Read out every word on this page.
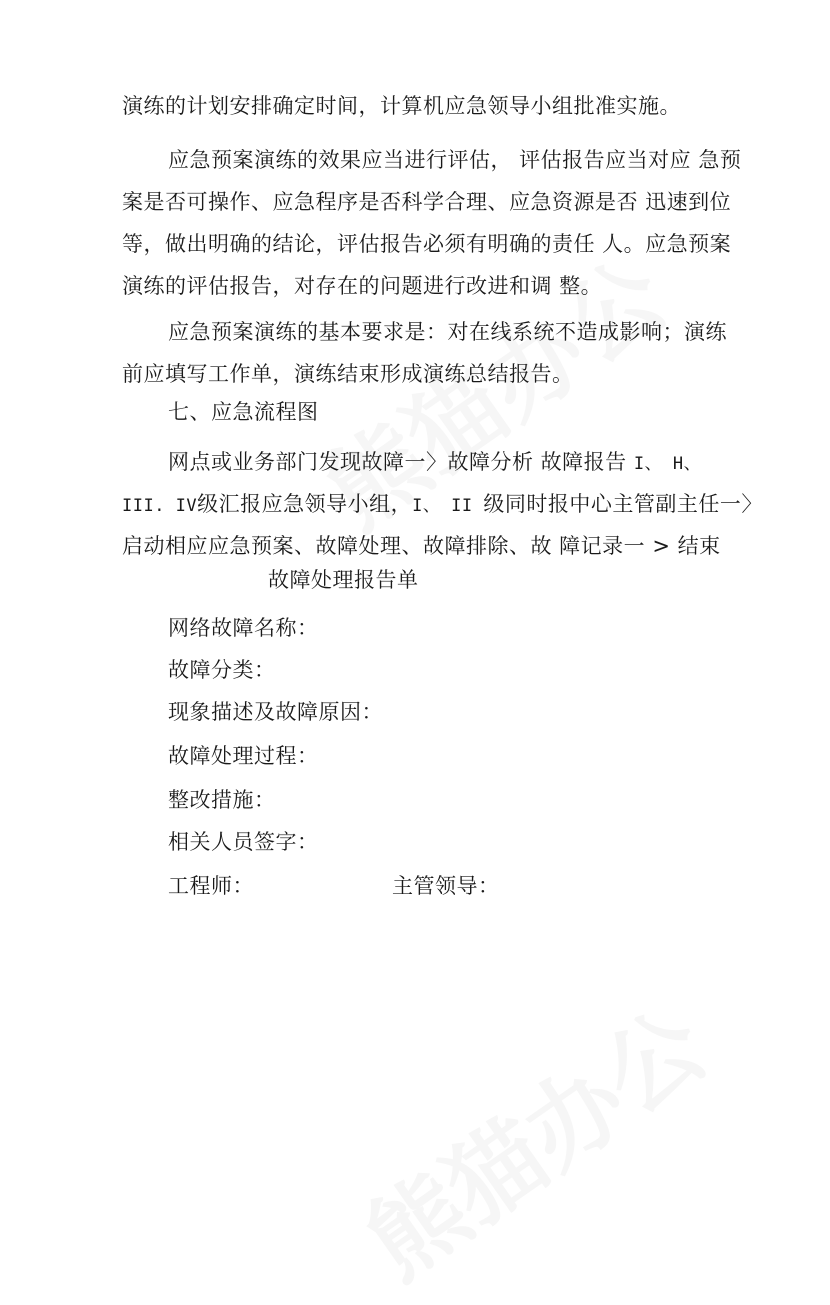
演练的计划安排确定时间，计算机应急领导小组批准实施。
应急预案演练的效果应当进行评估， 评估报告应当对应 急预
案是否可操作、应急程序是否科学合理、应急资源是否 迅速到位
等，做出明确的结论，评估报告必须有明确的责任 人。应急预案
演练的评估报告，对存在的问题进行改进和调 整。
应急预案演练的基本要求是：对在线系统不造成影响；演练
前应填写工作单，演练结束形成演练总结报告。
七、应急流程图
网点或业务部门发现故障一〉故障分析 故障报告 I、 H、
III. IV级汇报应急领导小组，I、 II 级同时报中心主管副主任一〉
启动相应应急预案、故障处理、故障排除、故 障记录一 > 结束
故障处理报告单
网络故障名称：
故障分类：
现象描述及故障原因：
故障处理过程：
整改措施：
相关人员签字：
工程师：	主管领导：
